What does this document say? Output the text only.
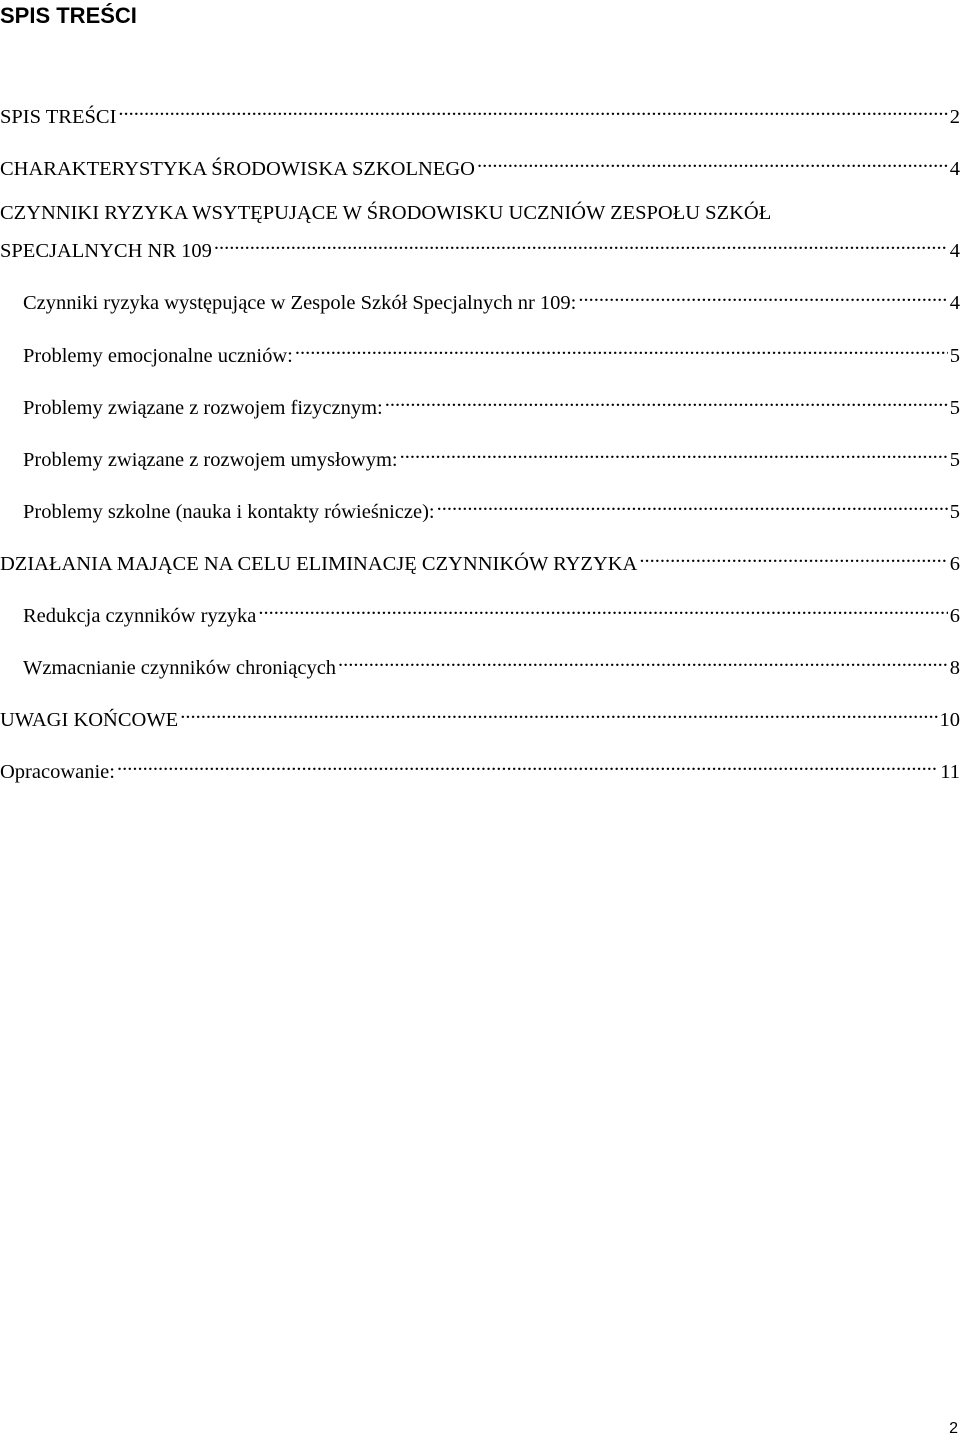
SPIS TREŚCI
SPIS TREŚCI .....	2
CHARAKTERYSTYKA ŚRODOWISKA SZKOLNEGO .....	4
CZYNNIKI RYZYKA WSYTĘPUJĄCE W ŚRODOWISKU UCZNIÓW ZESPOŁU SZKÓŁ
SPECJALNYCH NR 109 .....	4
Czynniki ryzyka występujące w Zespole Szkół Specjalnych nr 109: .....	4
Problemy emocjonalne uczniów: .....	5
Problemy związane z rozwojem fizycznym: .....	5
Problemy związane z rozwojem umysłowym: .....	5
Problemy szkolne (nauka i kontakty rówieśnicze): .....	5
DZIAŁANIA MAJĄCE NA CELU ELIMINACJĘ CZYNNIKÓW RYZYKA .....	6
Redukcja czynników ryzyka .....	6
Wzmacnianie czynników chroniących .....	8
UWAGI KOŃCOWE .....	10
Opracowanie: .....	11
2
